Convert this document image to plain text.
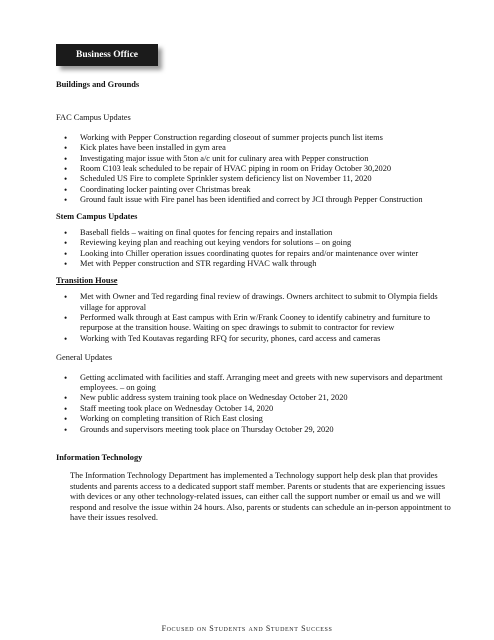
Business Office

Buildings and Grounds

FAC Campus Updates

• Working with Pepper Construction regarding closeout of summer projects punch list items
• Kick plates have been installed in gym area
• Investigating major issue with 5ton a/c unit for culinary area with Pepper construction
• Room C103 leak scheduled to be repair of HVAC piping in room on Friday October 30,2020
• Scheduled US Fire to complete Sprinkler system deficiency list on November 11, 2020
• Coordinating locker painting over Christmas break
• Ground fault issue with Fire panel has been identified and correct by JCI through Pepper Construction

Stem Campus Updates

• Baseball fields – waiting on final quotes for fencing repairs and installation
• Reviewing keying plan and reaching out keying vendors for solutions – on going
• Looking into Chiller operation issues coordinating quotes for repairs and/or maintenance over winter
• Met with Pepper construction and STR regarding HVAC walk through

Transition House

• Met with Owner and Ted regarding final review of drawings. Owners architect to submit to Olympia fields village for approval
• Performed walk through at East campus with Erin w/Frank Cooney to identify cabinetry and furniture to repurpose at the transition house. Waiting on spec drawings to submit to contractor for review
• Working with Ted Koutavas regarding RFQ for security, phones, card access and cameras

General Updates

• Getting acclimated with facilities and staff. Arranging meet and greets with new supervisors and department employees. – on going
• New public address system training took place on Wednesday October 21, 2020
• Staff meeting took place on Wednesday October 14, 2020
• Working on completing transition of Rich East closing
• Grounds and supervisors meeting took place on Thursday October 29, 2020

Information Technology

The Information Technology Department has implemented a Technology support help desk plan that provides students and parents access to a dedicated support staff member. Parents or students that are experiencing issues with devices or any other technology-related issues, can either call the support number or email us and we will respond and resolve the issue within 24 hours. Also, parents or students can schedule an in-person appointment to have their issues resolved.

Focused on Students and Student Success
